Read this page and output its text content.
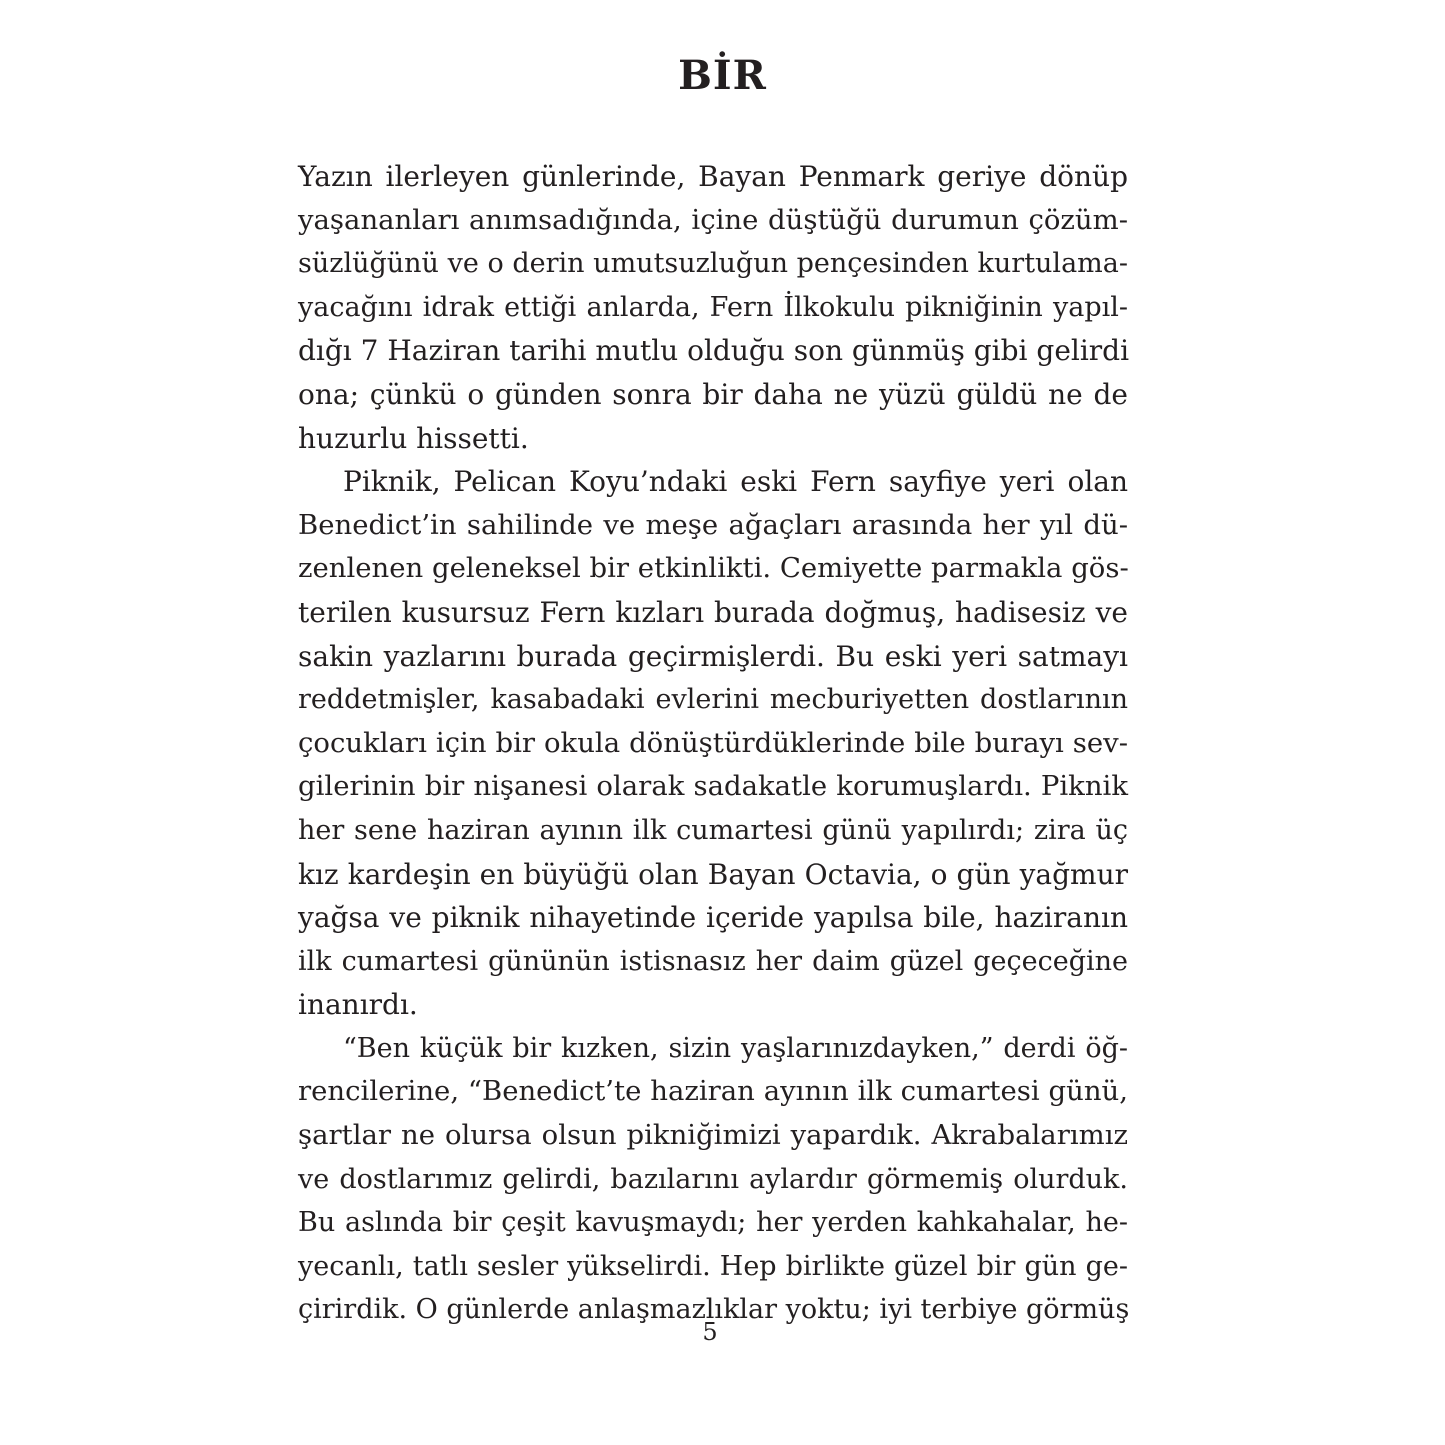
BİR
Yazın ilerleyen günlerinde, Bayan Penmark geriye dönüp
yaşananları anımsadığında, içine düştüğü durumun çözüm-
süzlüğünü ve o derin umutsuzluğun pençesinden kurtulama-
yacağını idrak ettiği anlarda, Fern İlkokulu pikniğinin yapıl-
dığı 7 Haziran tarihi mutlu olduğu son günmüş gibi gelirdi
ona; çünkü o günden sonra bir daha ne yüzü güldü ne de
huzurlu hissetti.
Piknik, Pelican Koyu’ndaki eski Fern sayfiye yeri olan
Benedict’in sahilinde ve meşe ağaçları arasında her yıl dü-
zenlenen geleneksel bir etkinlikti. Cemiyette parmakla gös-
terilen kusursuz Fern kızları burada doğmuş, hadisesiz ve
sakin yazlarını burada geçirmişlerdi. Bu eski yeri satmayı
reddetmişler, kasabadaki evlerini mecburiyetten dostlarının
çocukları için bir okula dönüştürdüklerinde bile burayı sev-
gilerinin bir nişanesi olarak sadakatle korumuşlardı. Piknik
her sene haziran ayının ilk cumartesi günü yapılırdı; zira üç
kız kardeşin en büyüğü olan Bayan Octavia, o gün yağmur
yağsa ve piknik nihayetinde içeride yapılsa bile, haziranın
ilk cumartesi gününün istisnasız her daim güzel geçeceğine
inanırdı.
“Ben küçük bir kızken, sizin yaşlarınızdayken,” derdi öğ-
rencilerine, “Benedict’te haziran ayının ilk cumartesi günü,
şartlar ne olursa olsun pikniğimizi yapardık. Akrabalarımız
ve dostlarımız gelirdi, bazılarını aylardır görmemiş olurduk.
Bu aslında bir çeşit kavuşmaydı; her yerden kahkahalar, he-
yecanlı, tatlı sesler yükselirdi. Hep birlikte güzel bir gün ge-
çirirdik. O günlerde anlaşmazlıklar yoktu; iyi terbiye görmüş
5
